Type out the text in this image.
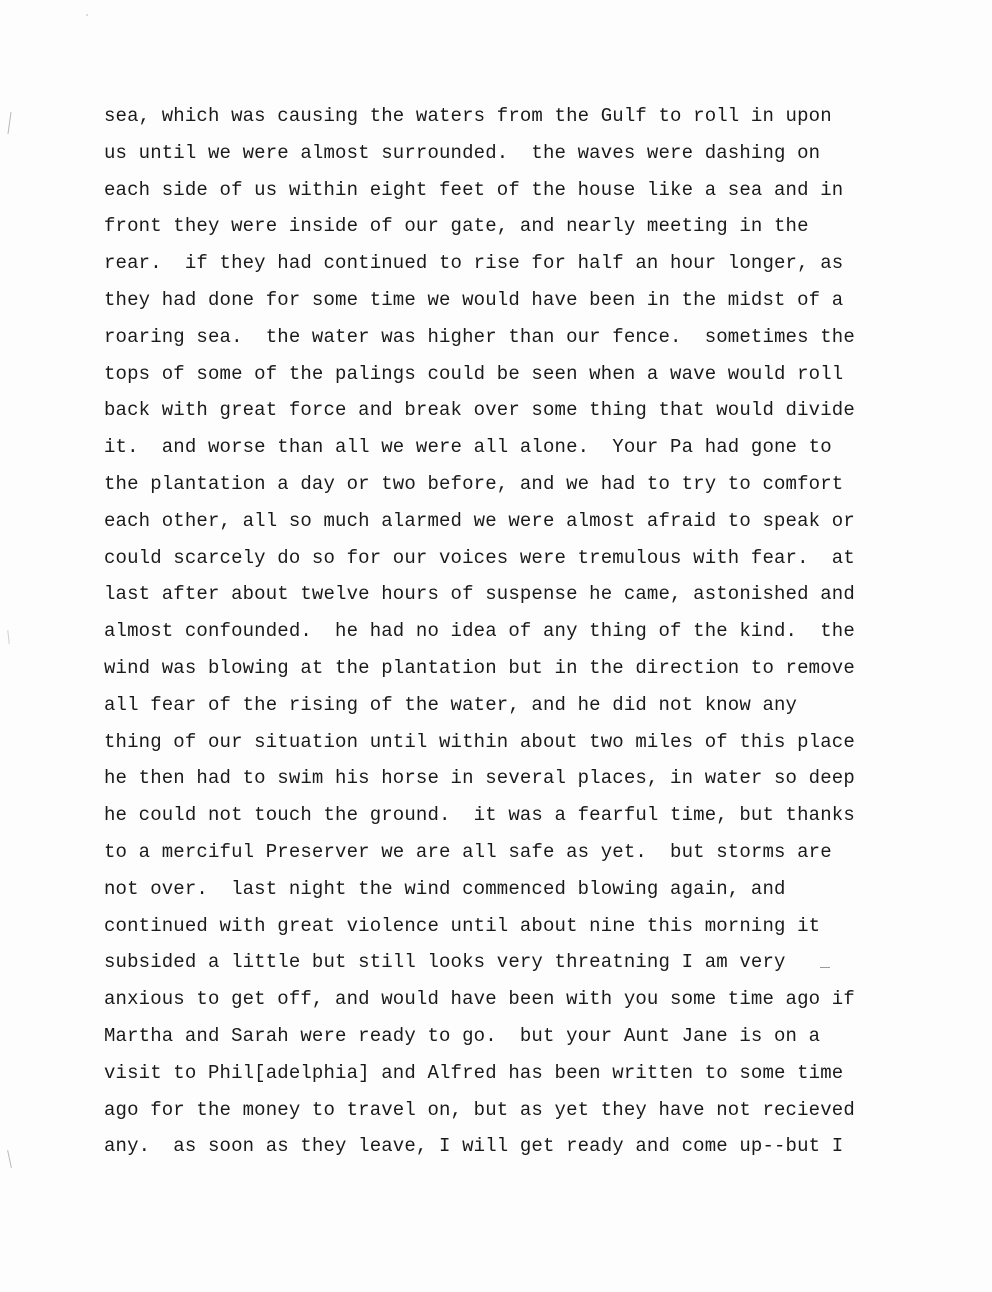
sea, which was causing the waters from the Gulf to roll in upon
us until we were almost surrounded.  the waves were dashing on
each side of us within eight feet of the house like a sea and in
front they were inside of our gate, and nearly meeting in the
rear.  if they had continued to rise for half an hour longer, as
they had done for some time we would have been in the midst of a
roaring sea.  the water was higher than our fence.  sometimes the
tops of some of the palings could be seen when a wave would roll
back with great force and break over some thing that would divide
it.  and worse than all we were all alone.  Your Pa had gone to
the plantation a day or two before, and we had to try to comfort
each other, all so much alarmed we were almost afraid to speak or
could scarcely do so for our voices were tremulous with fear.  at
last after about twelve hours of suspense he came, astonished and
almost confounded.  he had no idea of any thing of the kind.  the
wind was blowing at the plantation but in the direction to remove
all fear of the rising of the water, and he did not know any
thing of our situation until within about two miles of this place
he then had to swim his horse in several places, in water so deep
he could not touch the ground.  it was a fearful time, but thanks
to a merciful Preserver we are all safe as yet.  but storms are
not over.  last night the wind commenced blowing again, and
continued with great violence until about nine this morning it
subsided a little but still looks very threatning I am very
anxious to get off, and would have been with you some time ago if
Martha and Sarah were ready to go.  but your Aunt Jane is on a
visit to Phil[adelphia] and Alfred has been written to some time
ago for the money to travel on, but as yet they have not recieved
any.  as soon as they leave, I will get ready and come up--but I
